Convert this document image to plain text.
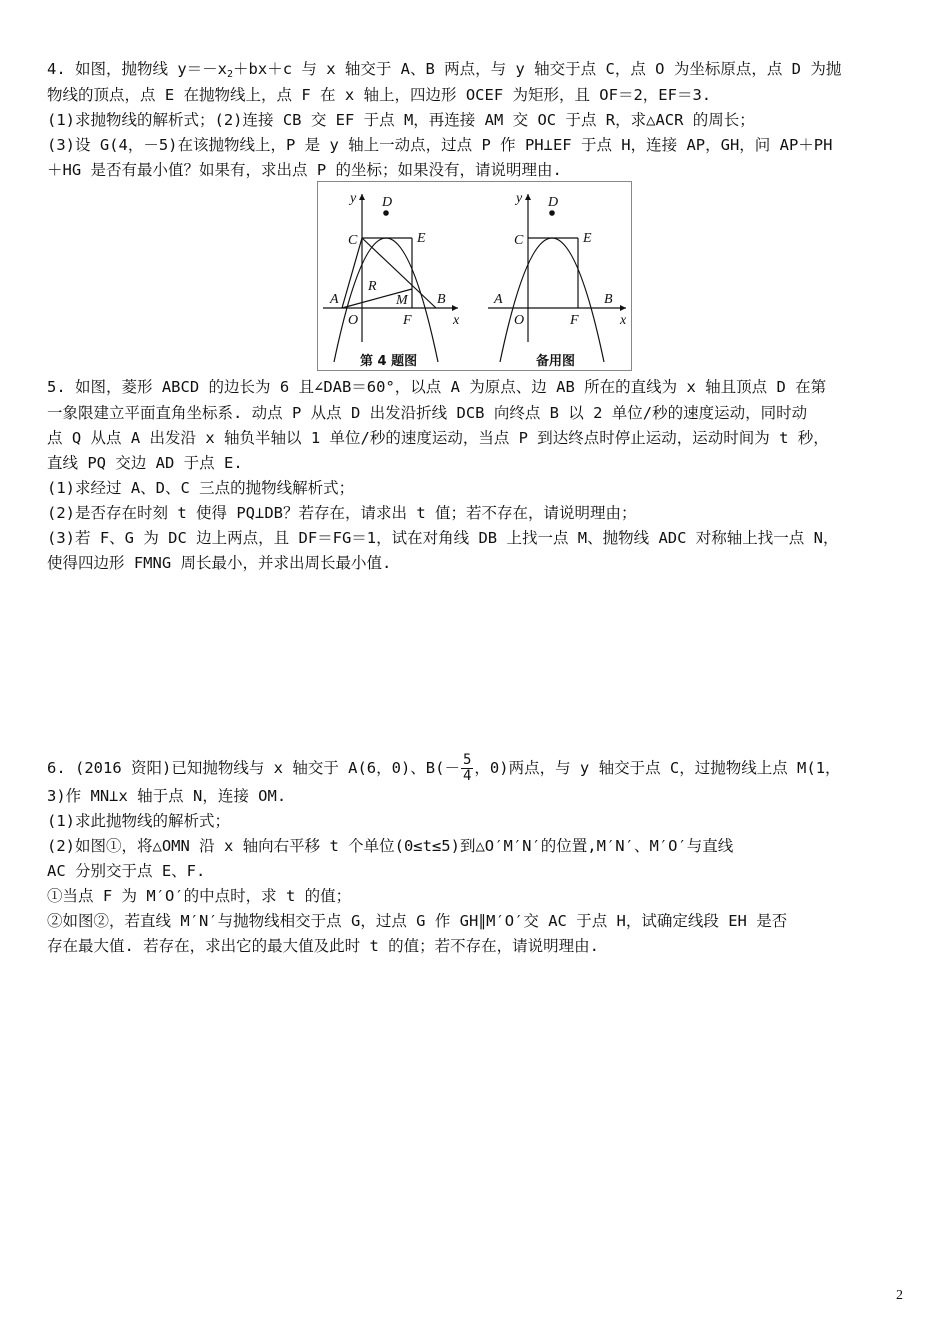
4. 如图，抛物线 $y=-x_2+bx+c$ 与 x 轴交于 A、B 两点，与 y 轴交于点 C，点 O 为坐标原点，点 D 为抛
物线的顶点，点 E 在抛物线上，点 F 在 x 轴上，四边形 OCEF 为矩形，且 OF＝2，EF＝3.
(1)求抛物线的解析式；(2)连接 CB 交 EF 于点 M，再连接 AM 交 OC 于点 R，求△ACR 的周长；
(3)设 G(4，－5)在该抛物线上，P 是 y 轴上一动点，过点 P 作 PH⊥EF 于点 H，连接 AP，GH，问 AP＋PH
＋HG 是否有最小值？如果有，求出点 P 的坐标；如果没有，请说明理由.
y D
C	E
A
R
M B
O	F	x
y D
C	E
A	B
O	F	x
第 4 题图	备用图
5. 如图，菱形 ABCD 的边长为 6 且∠DAB＝60°，以点 A 为原点、边 AB 所在的直线为 x 轴且顶点 D 在第
一象限建立平面直角坐标系. 动点 P 从点 D 出发沿折线 DCB 向终点 B 以 2 单位/秒的速度运动，同时动
点 Q 从点 A 出发沿 x 轴负半轴以 1 单位/秒的速度运动，当点 P 到达终点时停止运动，运动时间为 t 秒，
直线 PQ 交边 AD 于点 E.
(1)求经过 A、D、C 三点的抛物线解析式；
(2)是否存在时刻 t 使得 PQ⊥DB？若存在，请求出 t 值；若不存在，请说明理由；
(3)若 F、G 为 DC 边上两点，且 DF＝FG＝1，试在对角线 DB 上找一点 M、抛物线 ADC 对称轴上找一点 N，
使得四边形 FMNG 周长最小，并求出周长最小值.
6. (2016 资阳)已知抛物线与 x 轴交于 A(6，0)、$B(- \frac{5}{4}$ ，0)两点，与 y 轴交于点 C，过抛物线上点 M(1，
3)作 MN⊥x 轴于点 N，连接 OM.
(1)求此抛物线的解析式；
(2)如图①，将△OMN 沿 x 轴向右平移 t 个单位(0≤t≤5)到△O′M′N′的位置,M′N′、M′O′与直线
AC 分别交于点 E、F.
①当点 F 为 M′O′的中点时，求 t 的值；
②如图②，若直线 M′N′与抛物线相交于点 G，过点 G 作 GH∥M′O′交 AC 于点 H，试确定线段 EH 是否
存在最大值. 若存在，求出它的最大值及此时 t 的值；若不存在，请说明理由.
2
